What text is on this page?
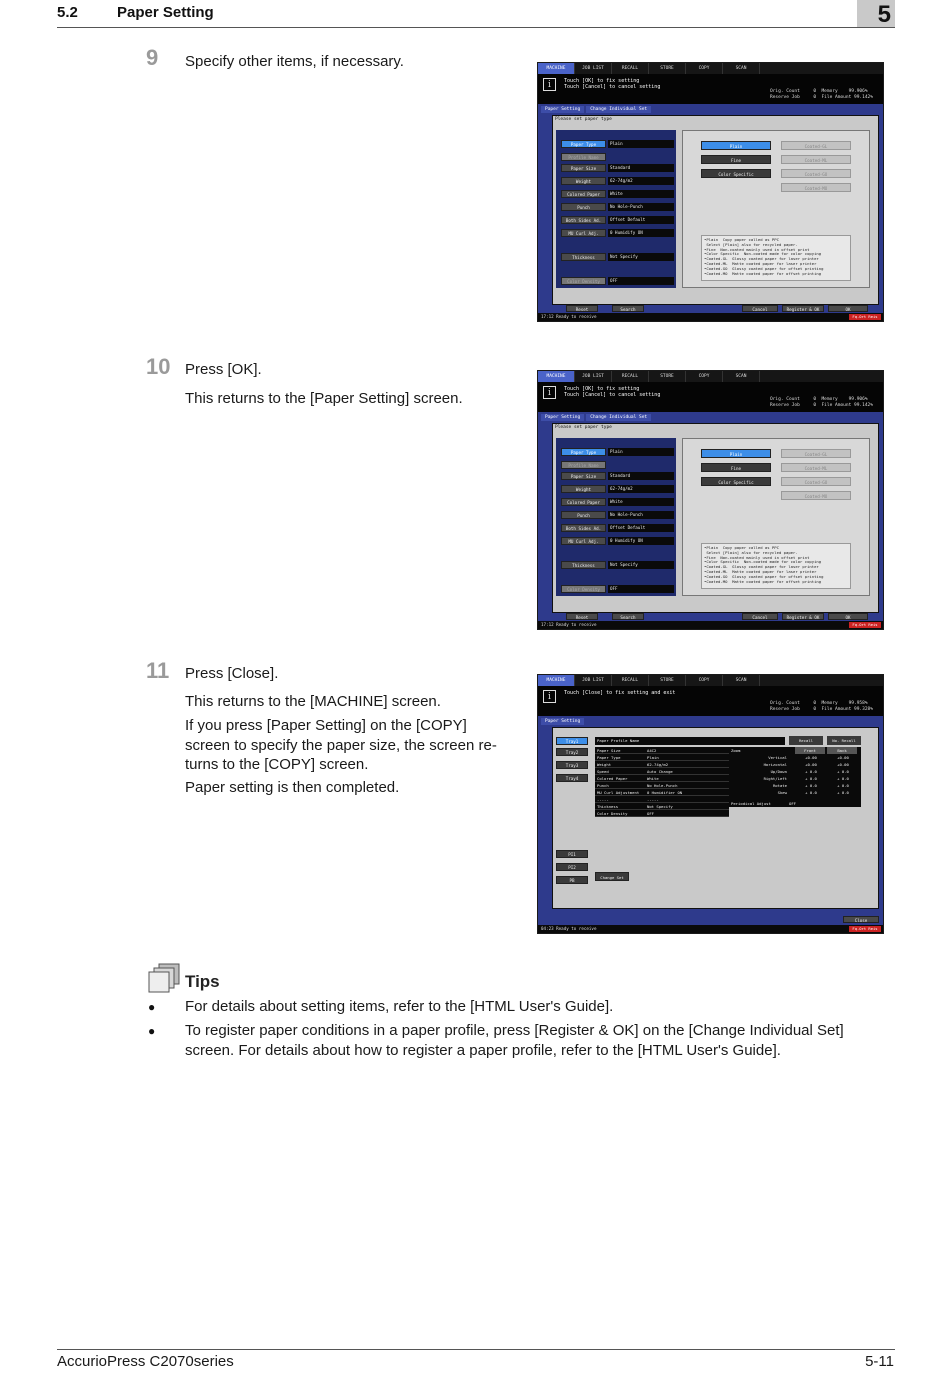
5.2	Paper Setting	5
9 Specify other items, if necessary.
10 Press [OK].
This returns to the [Paper Setting] screen.
11 Press [Close].
This returns to the [MACHINE] screen.
If you press [Paper Setting] on the [COPY] screen to specify the paper size, the screen re-turns to the [COPY] screen.
Paper setting is then completed.
MACHINE	JOB LIST	RECALL	STORE	COPY	SCAN
i	Touch [OK] to fix setting
Touch [Cancel] to cancel setting
Orig. Count     0  Memory    99.906%
Reserve Job     0  File Amount 99.142%
Paper Setting Change Individual Set
Please set paper type
Paper Type	Plain
Profile Name
Paper Size	Standard
Weight	62-74g/m2
Colored Paper	White
Punch	No Hole-Punch
Both Sides Ad.	Offset Default
MU Curl Adj.	0 Humidify ON
Thickness	Not Specify
Color Density	OFF
Plain	Coated-GL
Fine	Coated-ML
Color Specific	Coated-GO
Coated-MO
•Plain  Copy paper called as PPC
Select [Plain] also for recycled paper.
•Fine  Non-coated mainly used in offset print
•Color Specific  Non-coated made for color copying
•Coated-GL  Glossy coated paper for laser printer
•Coated-ML  Matte coated paper for laser printer
•Coated-GO  Glossy coated paper for offset printing
•Coated-MO  Matte coated paper for offset printing
Reset	Search	Cancel	Register & OK	OK
17:12 Ready to receive	Fq.Ort Reis
MACHINE	JOB LIST	RECALL	STORE	COPY	SCAN
i	Touch [OK] to fix setting
Touch [Cancel] to cancel setting
Orig. Count     0  Memory    99.906%
Reserve Job     0  File Amount 99.142%
Paper Setting Change Individual Set
Please set paper type
Paper Type	Plain
Profile Name
Paper Size	Standard
Weight	62-74g/m2
Colored Paper	White
Punch	No Hole-Punch
Both Sides Ad.	Offset Default
MU Curl Adj.	0 Humidify ON
Thickness	Not Specify
Color Density	OFF
Plain	Coated-GL
Fine	Coated-ML
Color Specific	Coated-GO
Coated-MO
•Plain  Copy paper called as PPC
Select [Plain] also for recycled paper.
•Fine  Non-coated mainly used in offset print
•Color Specific  Non-coated made for color copying
•Coated-GL  Glossy coated paper for laser printer
•Coated-ML  Matte coated paper for laser printer
•Coated-GO  Glossy coated paper for offset printing
•Coated-MO  Matte coated paper for offset printing
Reset	Search	Cancel	Register & OK	OK
17:12 Ready to receive	Fq.Ort Reis
MACHINE	JOB LIST	RECALL	STORE	COPY	SCAN
i	Touch [Close] to fix setting and exit
Orig. Count     0  Memory    99.958%
Reserve Job     0  File Amount 99.328%
Paper Setting
Tray1
Tray2
Tray3
Tray4
PI1
PI2
PB
Paper Profile Name	Recall	No. Recall
Paper Size	A4C2
Paper Type	Plain
Weight	62-74g/m2
Speed	Auto Change
Colored Paper	White
Punch	No Hole-Punch
MU Curl Adjustment 0 Humidifier ON
-----	-----
Thickness	Not Specify
Color Density	OFF
Zoom	Front	Back
Vertical	+0.00	+0.00
Horizontal	+0.00	+0.00
Up/Down	+ 0.0	+ 0.0
Right/Left	+ 0.0	+ 0.0
Rotate	+ 0.0	+ 0.0
Skew	+ 0.0	+ 0.0
Periodical Adjust	OFF
Change Set
Close
04:23 Ready to receive	Fq.Ort Reis
Tips
● For details about setting items, refer to the [HTML User's Guide].
● To register paper conditions in a paper profile, press [Register & OK] on the [Change Individual Set] screen. For details about how to register a paper profile, refer to the [HTML User's Guide].
AccurioPress C2070series	5-11
